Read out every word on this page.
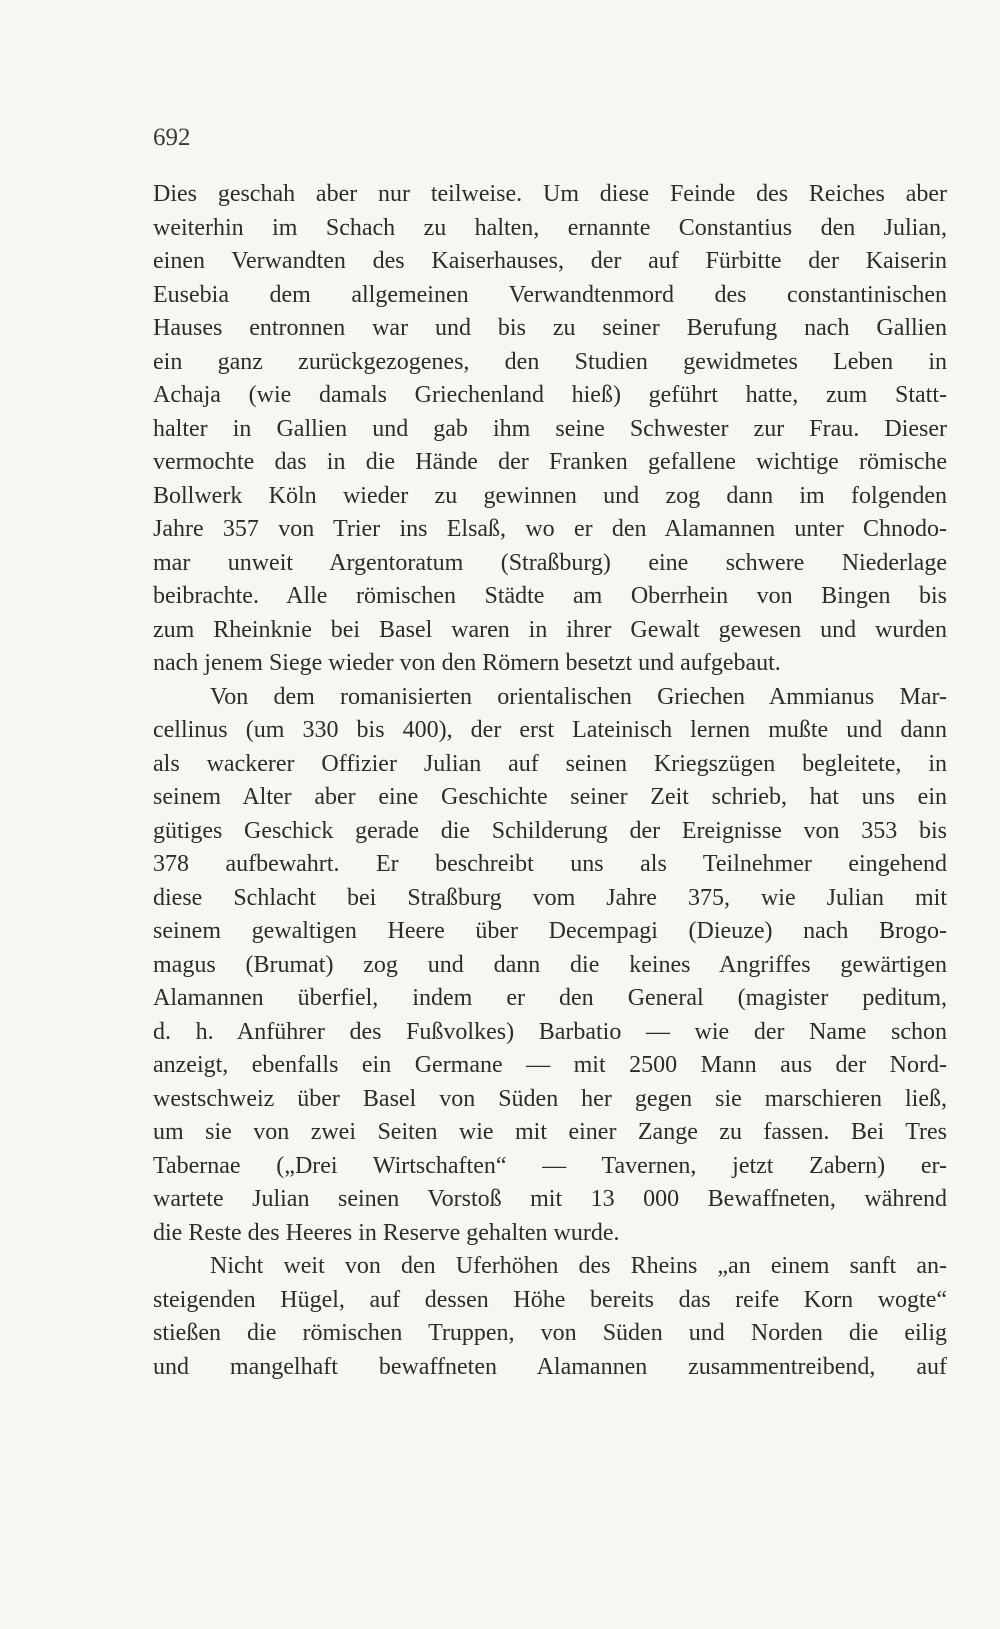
692
Dies geschah aber nur teilweise. Um diese Feinde des Reiches aber
weiterhin im Schach zu halten, ernannte Constantius den Julian,
einen Verwandten des Kaiserhauses, der auf Fürbitte der Kaiserin
Eusebia dem allgemeinen Verwandtenmord des constantinischen
Hauses entronnen war und bis zu seiner Berufung nach Gallien
ein ganz zurückgezogenes, den Studien gewidmetes Leben in
Achaja (wie damals Griechenland hieß) geführt hatte, zum Statt-
halter in Gallien und gab ihm seine Schwester zur Frau. Dieser
vermochte das in die Hände der Franken gefallene wichtige römische
Bollwerk Köln wieder zu gewinnen und zog dann im folgenden
Jahre 357 von Trier ins Elsaß, wo er den Alamannen unter Chnodo-
mar unweit Argentoratum (Straßburg) eine schwere Niederlage
beibrachte. Alle römischen Städte am Oberrhein von Bingen bis
zum Rheinknie bei Basel waren in ihrer Gewalt gewesen und wurden
nach jenem Siege wieder von den Römern besetzt und aufgebaut.
Von dem romanisierten orientalischen Griechen Ammianus Mar-
cellinus (um 330 bis 400), der erst Lateinisch lernen mußte und dann
als wackerer Offizier Julian auf seinen Kriegszügen begleitete, in
seinem Alter aber eine Geschichte seiner Zeit schrieb, hat uns ein
gütiges Geschick gerade die Schilderung der Ereignisse von 353 bis
378 aufbewahrt. Er beschreibt uns als Teilnehmer eingehend
diese Schlacht bei Straßburg vom Jahre 375, wie Julian mit
seinem gewaltigen Heere über Decempagi (Dieuze) nach Brogo-
magus (Brumat) zog und dann die keines Angriffes gewärtigen
Alamannen überfiel, indem er den General (magister peditum,
d. h. Anführer des Fußvolkes) Barbatio — wie der Name schon
anzeigt, ebenfalls ein Germane — mit 2500 Mann aus der Nord-
westschweiz über Basel von Süden her gegen sie marschieren ließ,
um sie von zwei Seiten wie mit einer Zange zu fassen. Bei Tres
Tabernae („Drei Wirtschaften“ — Tavernen, jetzt Zabern) er-
wartete Julian seinen Vorstoß mit 13 000 Bewaffneten, während
die Reste des Heeres in Reserve gehalten wurde.
Nicht weit von den Uferhöhen des Rheins „an einem sanft an-
steigenden Hügel, auf dessen Höhe bereits das reife Korn wogte“
stießen die römischen Truppen, von Süden und Norden die eilig
und mangelhaft bewaffneten Alamannen zusammentreibend, auf
